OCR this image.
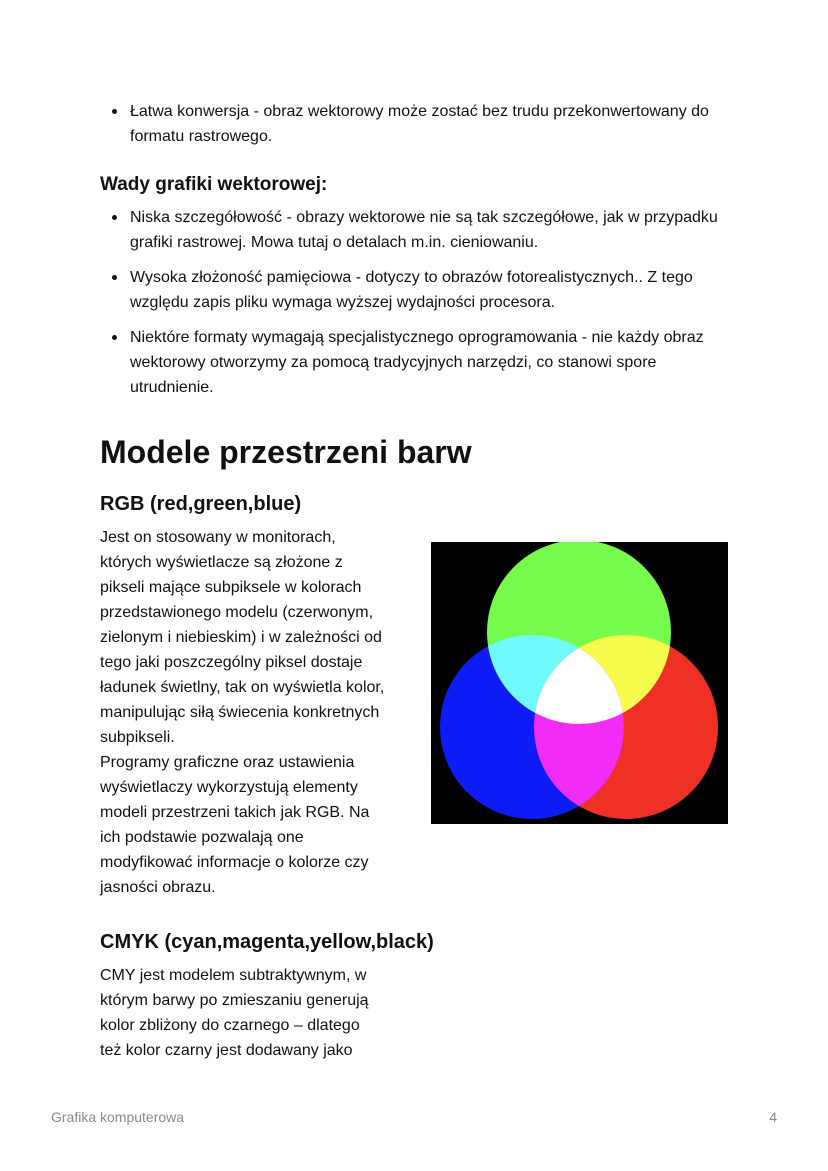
Łatwa konwersja - obraz wektorowy może zostać bez trudu przekonwertowany do formatu rastrowego.
Wady grafiki wektorowej:
Niska szczegółowość - obrazy wektorowe nie są tak szczegółowe, jak w przypadku grafiki rastrowej. Mowa tutaj o detalach m.in. cieniowaniu.
Wysoka złożoność pamięciowa - dotyczy to obrazów fotorealistycznych.. Z tego względu zapis pliku wymaga wyższej wydajności procesora.
Niektóre formaty wymagają specjalistycznego oprogramowania - nie każdy obraz wektorowy otworzymy za pomocą tradycyjnych narzędzi, co stanowi spore utrudnienie.
Modele przestrzeni barw
RGB (red,green,blue)

Jest on stosowany w monitorach,
których wyświetlacze są złożone z
pikseli mające subpiksele w kolorach
przedstawionego modelu (czerwonym,
zielonym i niebieskim) i w zależności od
tego jaki poszczególny piksel dostaje
ładunek świetlny, tak on wyświetla kolor,
manipulując siłą świecenia konkretnych
subpikseli.
Programy graficzne oraz ustawienia
wyświetlaczy wykorzystują elementy
modeli przestrzeni takich jak RGB. Na
ich podstawie pozwalają one
modyfikować informacje o kolorze czy
jasności obrazu.

CMYK (cyan,magenta,yellow,black)

CMY jest modelem subtraktywnym, w
którym barwy po zmieszaniu generują
kolor zbliżony do czarnego – dlatego
też kolor czarny jest dodawany jako

Grafika komputerowa	4
